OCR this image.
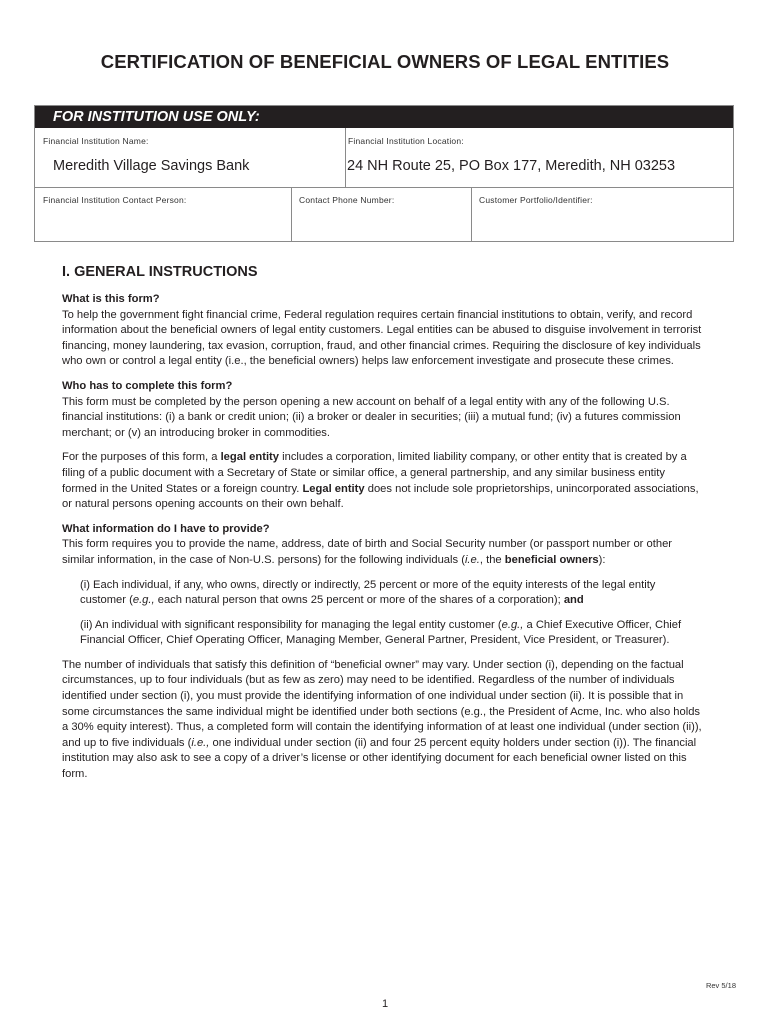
CERTIFICATION OF BENEFICIAL OWNERS OF LEGAL ENTITIES
FOR INSTITUTION USE ONLY:
Financial Institution Name:
Meredith Village Savings Bank
Financial Institution Location:
24 NH Route 25, PO Box 177, Meredith, NH 03253
Financial Institution Contact Person:	Contact Phone Number:	Customer Portfolio/Identifier:
I. GENERAL INSTRUCTIONS

What is this form?

To help the government fight financial crime, Federal regulation requires certain financial institutions to obtain, verify, and record information about the beneficial owners of legal entity customers. Legal entities can be abused to disguise involvement in terrorist financing, money laundering, tax evasion, corruption, fraud, and other financial crimes. Requiring the disclosure of key individuals who own or control a legal entity (i.e., the beneficial owners) helps law enforcement investigate and prosecute these crimes.

Who has to complete this form?

This form must be completed by the person opening a new account on behalf of a legal entity with any of the following U.S. financial institutions: (i) a bank or credit union; (ii) a broker or dealer in securities; (iii) a mutual fund; (iv) a futures commission merchant; or (v) an introducing broker in commodities.

For the purposes of this form, a legal entity includes a corporation, limited liability company, or other entity that is created by a filing of a public document with a Secretary of State or similar office, a general partnership, and any similar business entity formed in the United States or a foreign country. Legal entity does not include sole proprietorships, unincorporated associations, or natural persons opening accounts on their own behalf.

What information do I have to provide?

This form requires you to provide the name, address, date of birth and Social Security number (or passport number or other similar information, in the case of Non-U.S. persons) for the following individuals (i.e., the beneficial owners):

(i) Each individual, if any, who owns, directly or indirectly, 25 percent or more of the equity interests of the legal entity customer (e.g., each natural person that owns 25 percent or more of the shares of a corporation); and

(ii) An individual with significant responsibility for managing the legal entity customer (e.g., a Chief Executive Officer, Chief Financial Officer, Chief Operating Officer, Managing Member, General Partner, President, Vice President, or Treasurer).

The number of individuals that satisfy this definition of “beneficial owner” may vary. Under section (i), depending on the factual circumstances, up to four individuals (but as few as zero) may need to be identified. Regardless of the number of individuals identified under section (i), you must provide the identifying information of one individual under section (ii). It is possible that in some circumstances the same individual might be identified under both sections (e.g., the President of Acme, Inc. who also holds a 30% equity interest). Thus, a completed form will contain the identifying information of at least one individual (under section (ii)), and up to five individuals (i.e., one individual under section (ii) and four 25 percent equity holders under section (i)). The financial institution may also ask to see a copy of a driver’s license or other identifying document for each beneficial owner listed on this form.

Rev 5/18
1
